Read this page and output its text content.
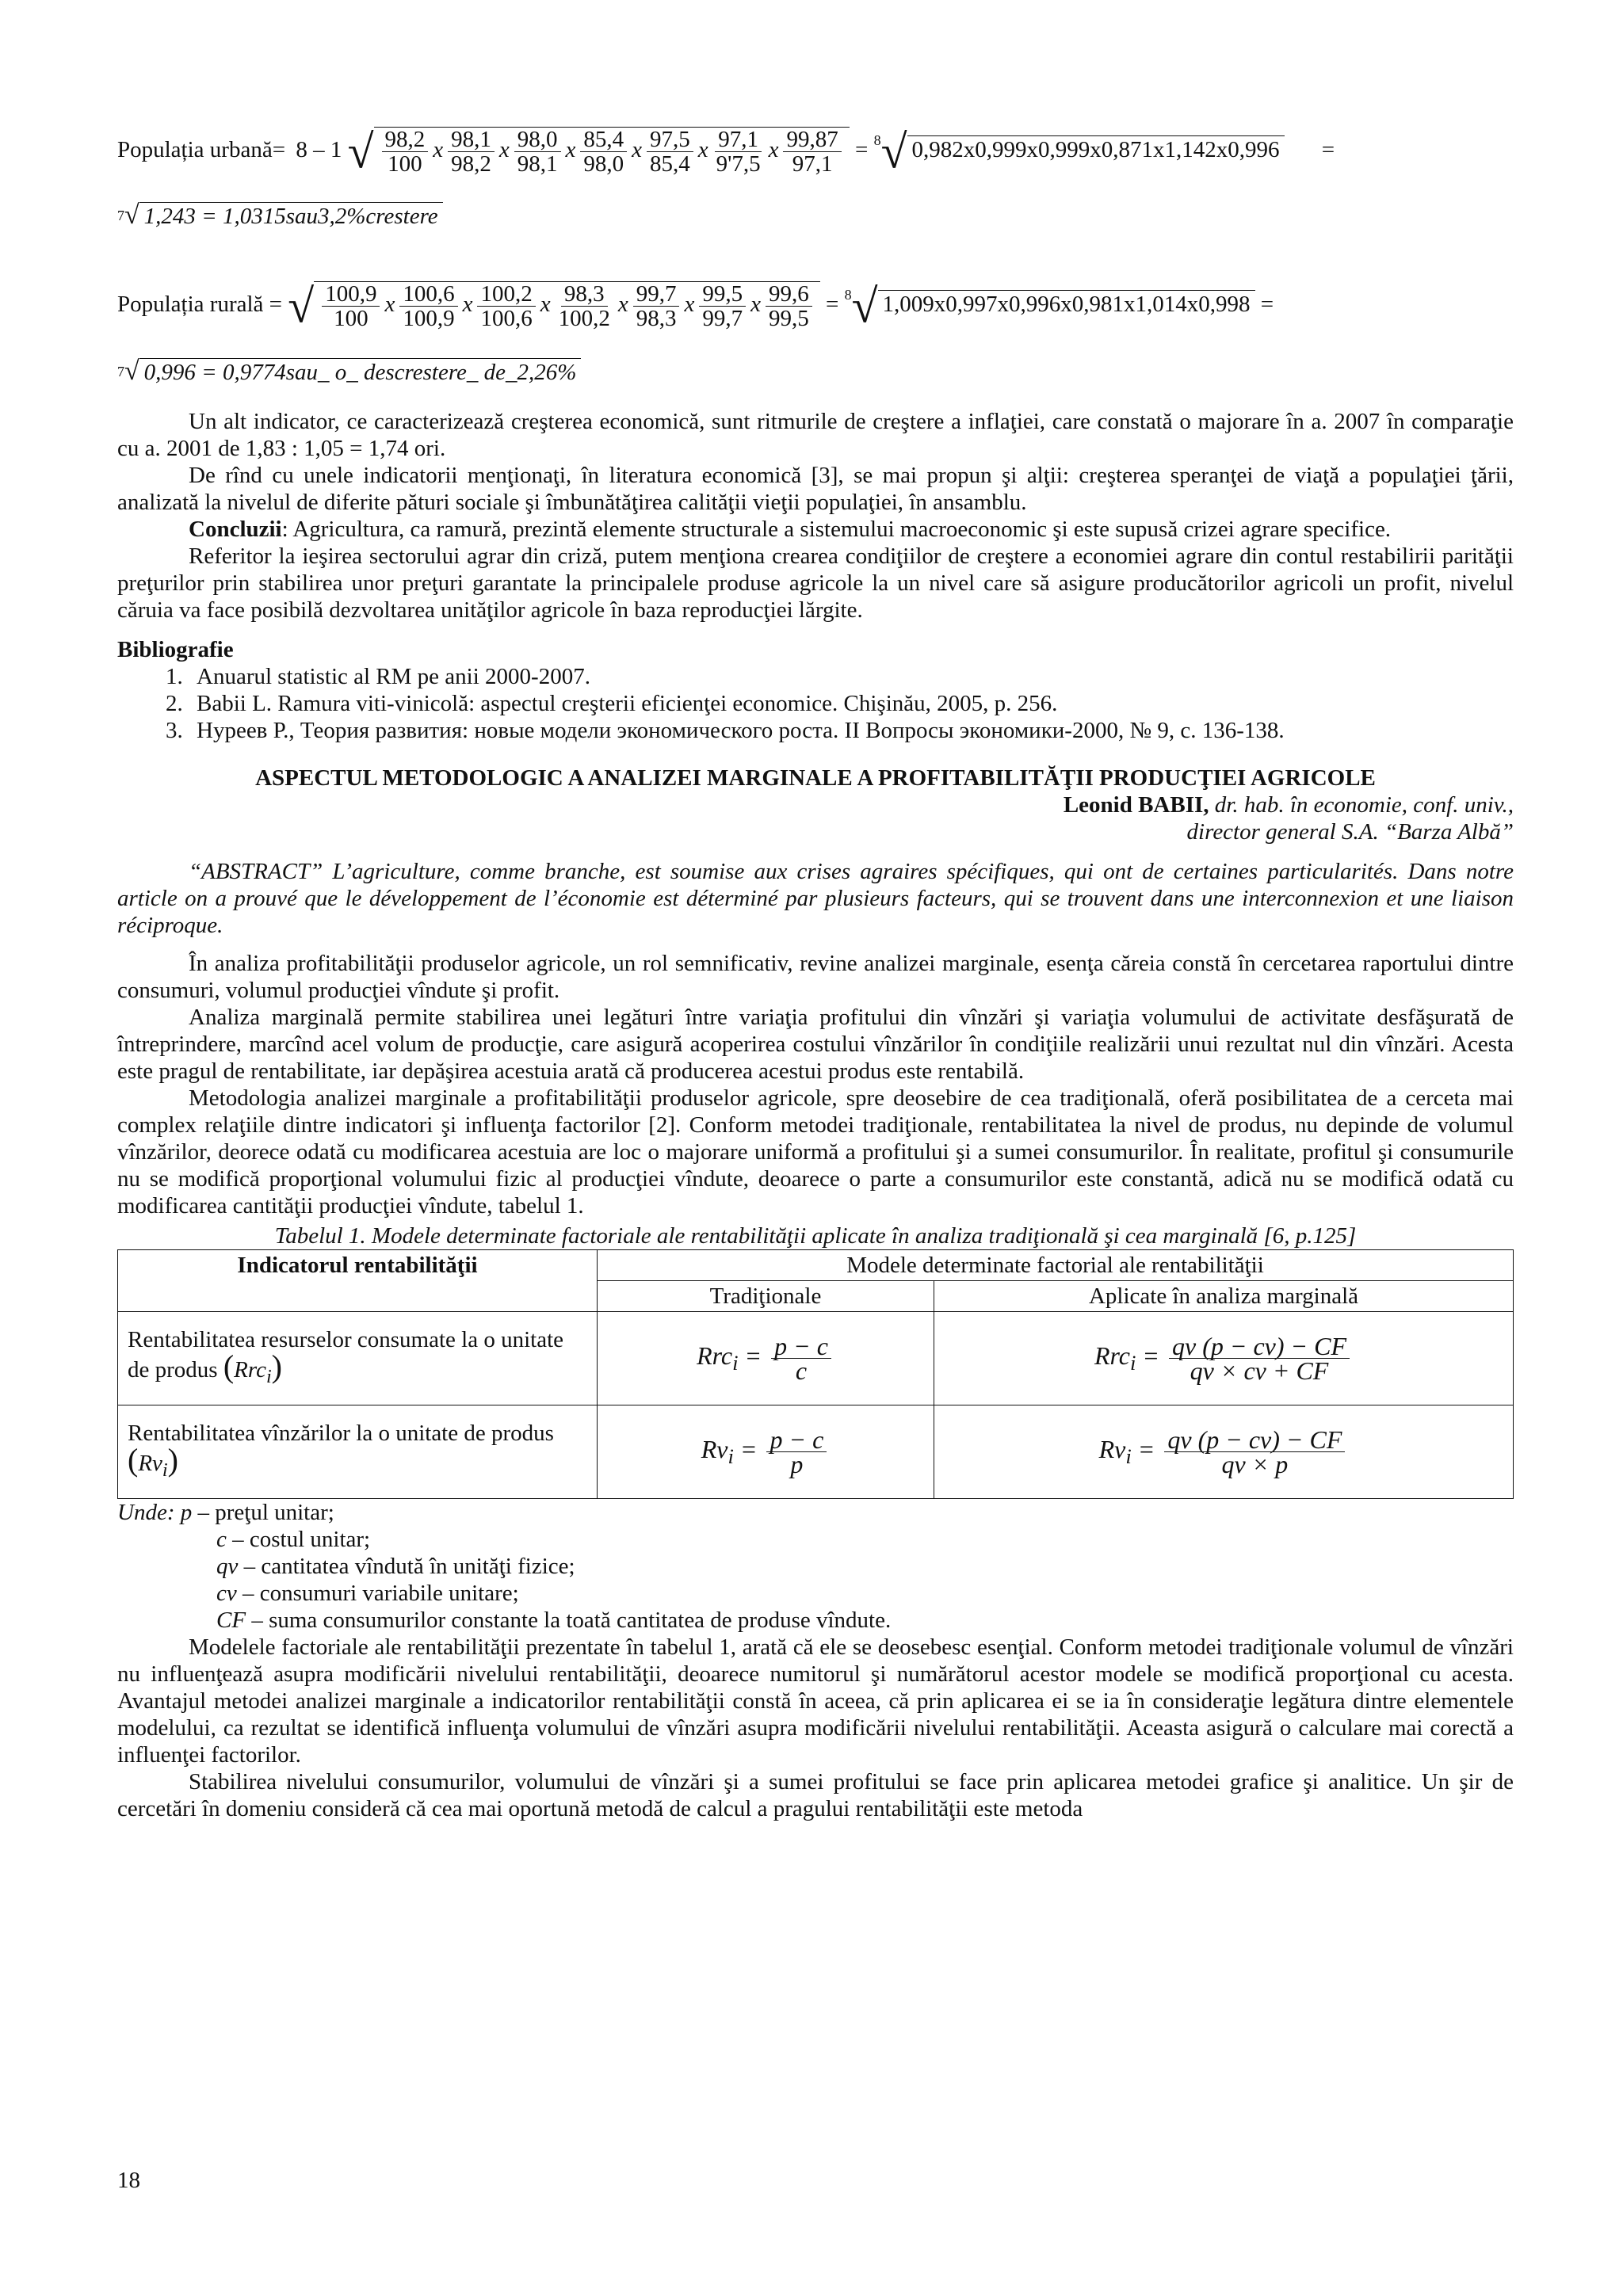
Populația urbană= 8 – 1 √ $\frac{98,2}{100}$ x $\frac{98,1}{98,2}$ x $\frac{98,0}{98,1}$ x $\frac{85,4}{98,0}$ x $\frac{97,5}{85,4}$ x $\frac{97,1}{9'7,5}$ x $\frac{99,87}{97,1} = ^8√$ 0,982x0,999x0,999x0,871x1,142x0,996 =
$^7$√ 1,243 = 1,0315sau3,2%crestere
Populația rurală = √ $\frac{100,9}{100}$ x $\frac{100,6}{100,9}$ x $\frac{100,2}{100,6}$ x $\frac{98,3}{100,2}$ x $\frac{99,7}{98,3}$ x $\frac{99,5}{99,7}$ x $\frac{99,6}{99,5} = ^8√$ 1,009x0,997x0,996x0,981x1,014x0,998 =
$^7$√ 0,996 = 0,9774sau_ o_ descrestere_ de_2,26%

Un alt indicator, ce caracterizează creşterea economică, sunt ritmurile de creştere a inflaţiei, care constată o majorare în a. 2007 în comparaţie cu a. 2001 de 1,83 : 1,05 = 1,74 ori.

De rînd cu unele indicatorii menţionaţi, în literatura economică [3], se mai propun şi alţii: creşterea speranţei de viaţă a populaţiei ţării, analizată la nivelul de diferite pături sociale şi îmbunătăţirea calităţii vieţii populaţiei, în ansamblu.

Concluzii: Agricultura, ca ramură, prezintă elemente structurale a sistemului macroeconomic şi este supusă crizei agrare specifice.

Referitor la ieşirea sectorului agrar din criză, putem menţiona crearea condiţiilor de creştere a economiei agrare din contul restabilirii parităţii preţurilor prin stabilirea unor preţuri garantate la principalele produse agricole la un nivel care să asigure producătorilor agricoli un profit, nivelul căruia va face posibilă dezvoltarea unităţilor agricole în baza reproducţiei lărgite.

Bibliografie
1. Anuarul statistic al RM pe anii 2000-2007.
2. Babii L. Ramura viti-vinicolă: aspectul creşterii eficienţei economice. Chişinău, 2005, p. 256.
3. Нуреев Р., Теория развития: новые модели экономического роста. II Вопросы экономики-2000, № 9, с. 136-138.
ASPECTUL METODOLOGIC A ANALIZEI MARGINALE A PROFITABILITĂŢII PRODUCŢIEI AGRICOLE
Leonid BABII, dr. hab. în economie, conf. univ.,
director general S.A. “Barza Albă”

“ABSTRACT” L’agriculture, comme branche, est soumise aux crises agraires spécifiques, qui ont de certaines particularités. Dans notre article on a prouvé que le développement de l’économie est déterminé par plusieurs facteurs, qui se trouvent dans une interconnexion et une liaison réciproque.

În analiza profitabilităţii produselor agricole, un rol semnificativ, revine analizei marginale, esenţa căreia constă în cercetarea raportului dintre consumuri, volumul producţiei vîndute şi profit.

Analiza marginală permite stabilirea unei legături între variaţia profitului din vînzări şi variaţia volumului de activitate desfăşurată de întreprindere, marcînd acel volum de producţie, care asigură acoperirea costului vînzărilor în condiţiile realizării unui rezultat nul din vînzări. Acesta este pragul de rentabilitate, iar depăşirea acestuia arată că producerea acestui produs este rentabilă.

Metodologia analizei marginale a profitabilităţii produselor agricole, spre deosebire de cea tradiţională, oferă posibilitatea de a cerceta mai complex relaţiile dintre indicatori şi influenţa factorilor [2]. Conform metodei tradiţionale, rentabilitatea la nivel de produs, nu depinde de volumul vînzărilor, deorece odată cu modificarea acestuia are loc o majorare uniformă a profitului şi a sumei consumurilor. În realitate, profitul şi consumurile nu se modifică proporţional volumului fizic al producţiei vîndute, deoarece o parte a consumurilor este constantă, adică nu se modifică odată cu modificarea cantităţii producţiei vîndute, tabelul 1.

Tabelul 1. Modele determinate factoriale ale rentabilităţii aplicate în analiza tradiţională şi cea marginală [6, p.125]
Indicatorul rentabilităţii	Modele determinate factorial ale rentabilităţii	
	Tradiţionale	Aplicate în analiza marginală
Rentabilitatea resurselor consumate la o unitate de produs (Rrc$_i$)	$Rrc_i = \frac{p - c}{c}$	$Rrc_i = \frac{qv (p - cv) - CF}{qv \times cv + CF}$

Rentabilitatea vînzărilor la o unitate de produs $(Rv_i)$	$Rv_i = \frac{p - c}{p}$	$Rv_i = \frac{qv (p - cv) - CF}{qv \times p}$
Unde: p – preţul unitar;
c – costul unitar;
qv – cantitatea vîndută în unităţi fizice;
cv – consumuri variabile unitare;
CF – suma consumurilor constante la toată cantitatea de produse vîndute.

Modelele factoriale ale rentabilităţii prezentate în tabelul 1, arată că ele se deosebesc esenţial. Conform metodei tradiţionale volumul de vînzări nu influenţează asupra modificării nivelului rentabilităţii, deoarece numitorul şi numărătorul acestor modele se modifică proporţional cu acesta. Avantajul metodei analizei marginale a indicatorilor rentabilităţii constă în aceea, că prin aplicarea ei se ia în consideraţie legătura dintre elementele modelului, ca rezultat se identifică influenţa volumului de vînzări asupra modificării nivelului rentabilităţii. Aceasta asigură o calculare mai corectă a influenţei factorilor.

Stabilirea nivelului consumurilor, volumului de vînzări şi a sumei profitului se face prin aplicarea metodei grafice şi analitice. Un şir de cercetări în domeniu consideră că cea mai oportună metodă de calcul a pragului rentabilităţii este metoda

18
